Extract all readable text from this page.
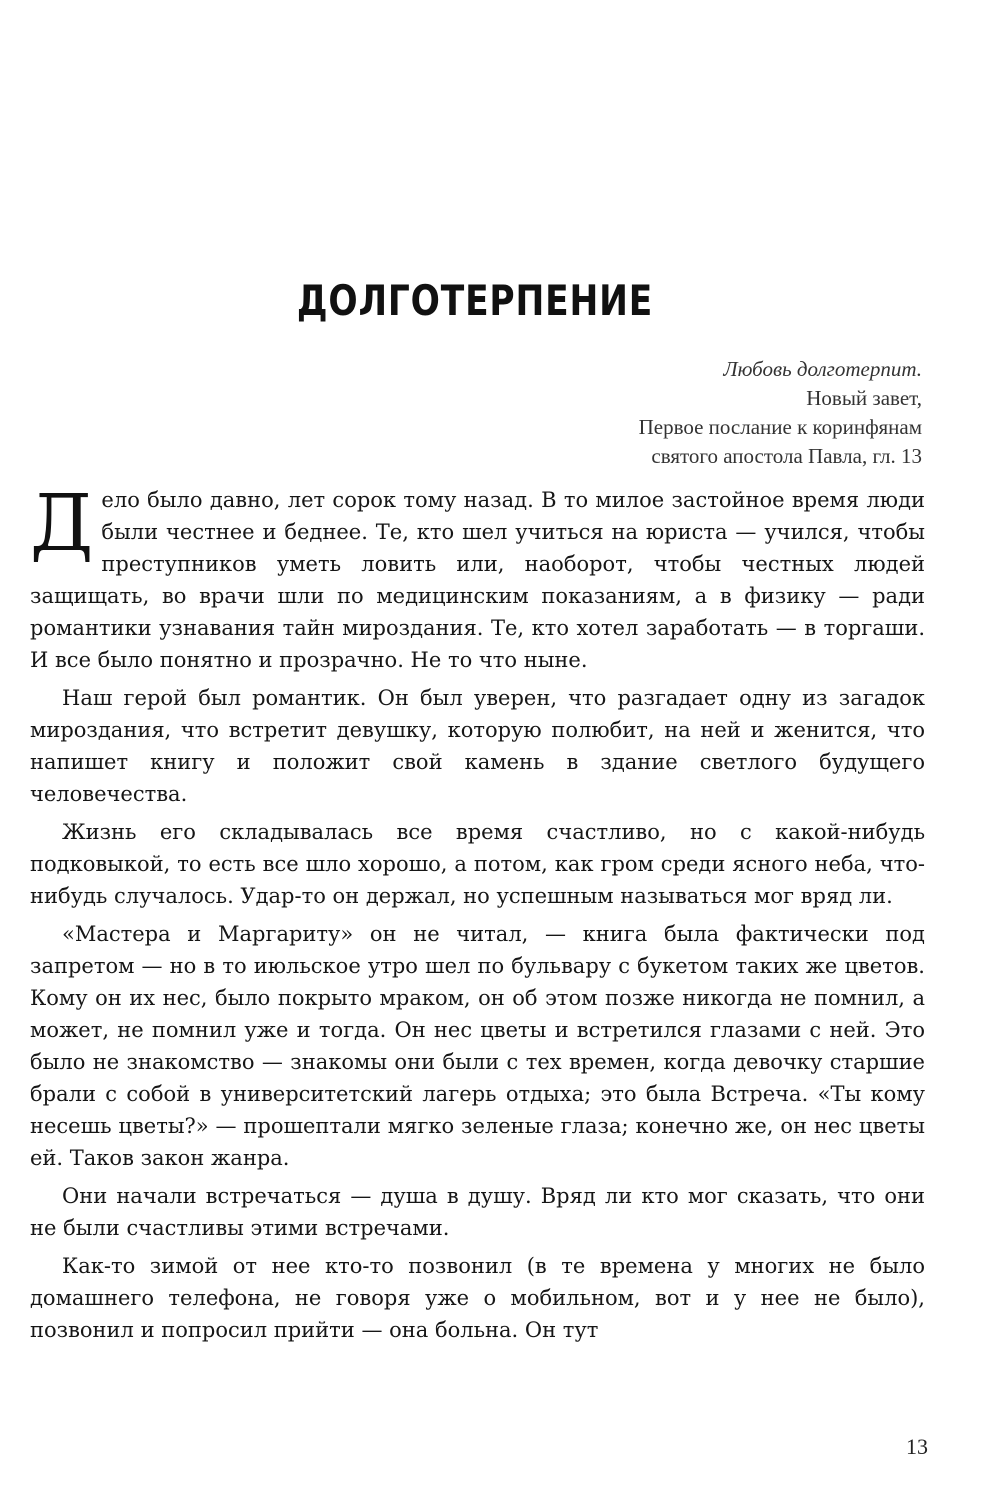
ДОЛГОТЕРПЕНИЕ
Любовь долготерпит.
Новый завет,
Первое послание к коринфянам
святого апостола Павла, гл. 13

Дело было давно, лет сорок тому назад. В то милое застойное время люди были честнее и беднее. Те, кто шел учиться на юриста — учился, чтобы преступников уметь ловить или, наоборот, чтобы честных людей защищать, во врачи шли по медицинским показаниям, а в физику — ради романтики узнавания тайн мироздания. Те, кто хотел заработать — в торгаши. И все было понятно и прозрачно. Не то что ныне.

Наш герой был романтик. Он был уверен, что разгадает одну из загадок мироздания, что встретит девушку, которую полюбит, на ней и женится, что напишет книгу и положит свой камень в здание светлого будущего человечества.

Жизнь его складывалась все время счастливо, но с какой-нибудь подковыкой, то есть все шло хорошо, а потом, как гром среди ясного неба, что-нибудь случалось. Удар-то он держал, но успешным называться мог вряд ли.

«Мастера и Маргариту» он не читал, — книга была фактически под запретом — но в то июльское утро шел по бульвару с букетом таких же цветов. Кому он их нес, было покрыто мраком, он об этом позже никогда не помнил, а может, не помнил уже и тогда. Он нес цветы и встретился глазами с ней. Это было не знакомство — знакомы они были с тех времен, когда девочку старшие брали с собой в университетский лагерь отдыха; это была Встреча. «Ты кому несешь цветы?» — прошептали мягко зеленые глаза; конечно же, он нес цветы ей. Таков закон жанра.

Они начали встречаться — душа в душу. Вряд ли кто мог сказать, что они не были счастливы этими встречами.

Как-то зимой от нее кто-то позвонил (в те времена у многих не было домашнего телефона, не говоря уже о мобильном, вот и у нее не было), позвонил и попросил прийти — она больна. Он тут

13
